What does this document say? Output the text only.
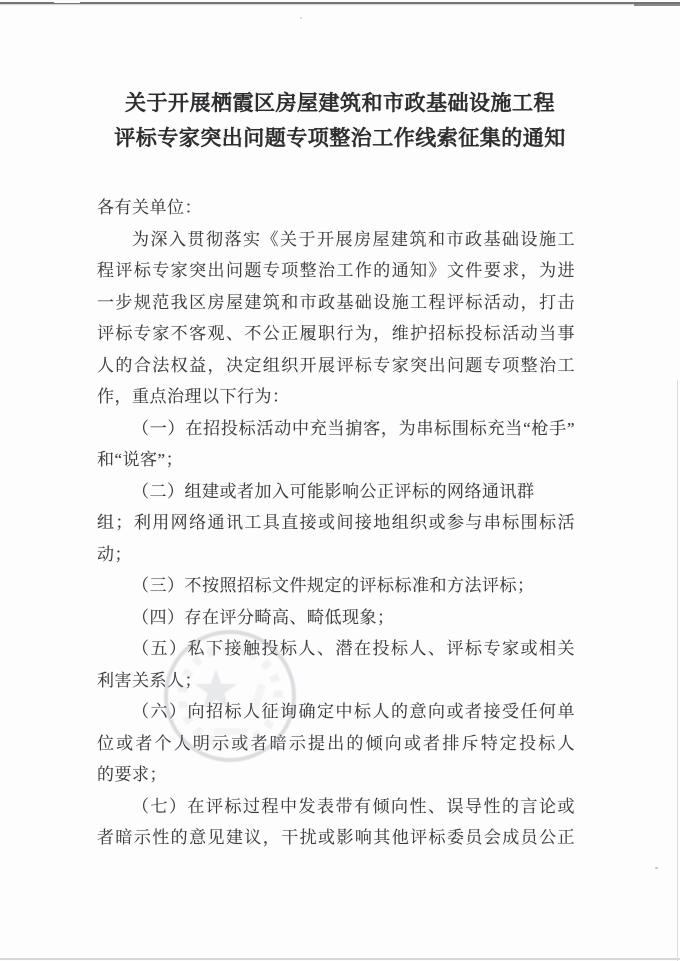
关于开展栖霞区房屋建筑和市政基础设施工程
评标专家突出问题专项整治工作线索征集的通知
各有关单位：
为深入贯彻落实《关于开展房屋建筑和市政基础设施工
程评标专家突出问题专项整治工作的通知》文件要求，为进
一步规范我区房屋建筑和市政基础设施工程评标活动，打击
评标专家不客观、不公正履职行为，维护招标投标活动当事
人的合法权益，决定组织开展评标专家突出问题专项整治工
作，重点治理以下行为：
（一）在招投标活动中充当掮客，为串标围标充当“枪手”
和“说客”；
（二）组建或者加入可能影响公正评标的网络通讯群
组；利用网络通讯工具直接或间接地组织或参与串标围标活
动；
（三）不按照招标文件规定的评标标准和方法评标；
（四）存在评分畸高、畸低现象；
（五）私下接触投标人、潜在投标人、评标专家或相关
利害关系人；
（六）向招标人征询确定中标人的意向或者接受任何单
位或者个人明示或者暗示提出的倾向或者排斥特定投标人
的要求；
（七）在评标过程中发表带有倾向性、误导性的言论或
者暗示性的意见建议，干扰或影响其他评标委员会成员公正
